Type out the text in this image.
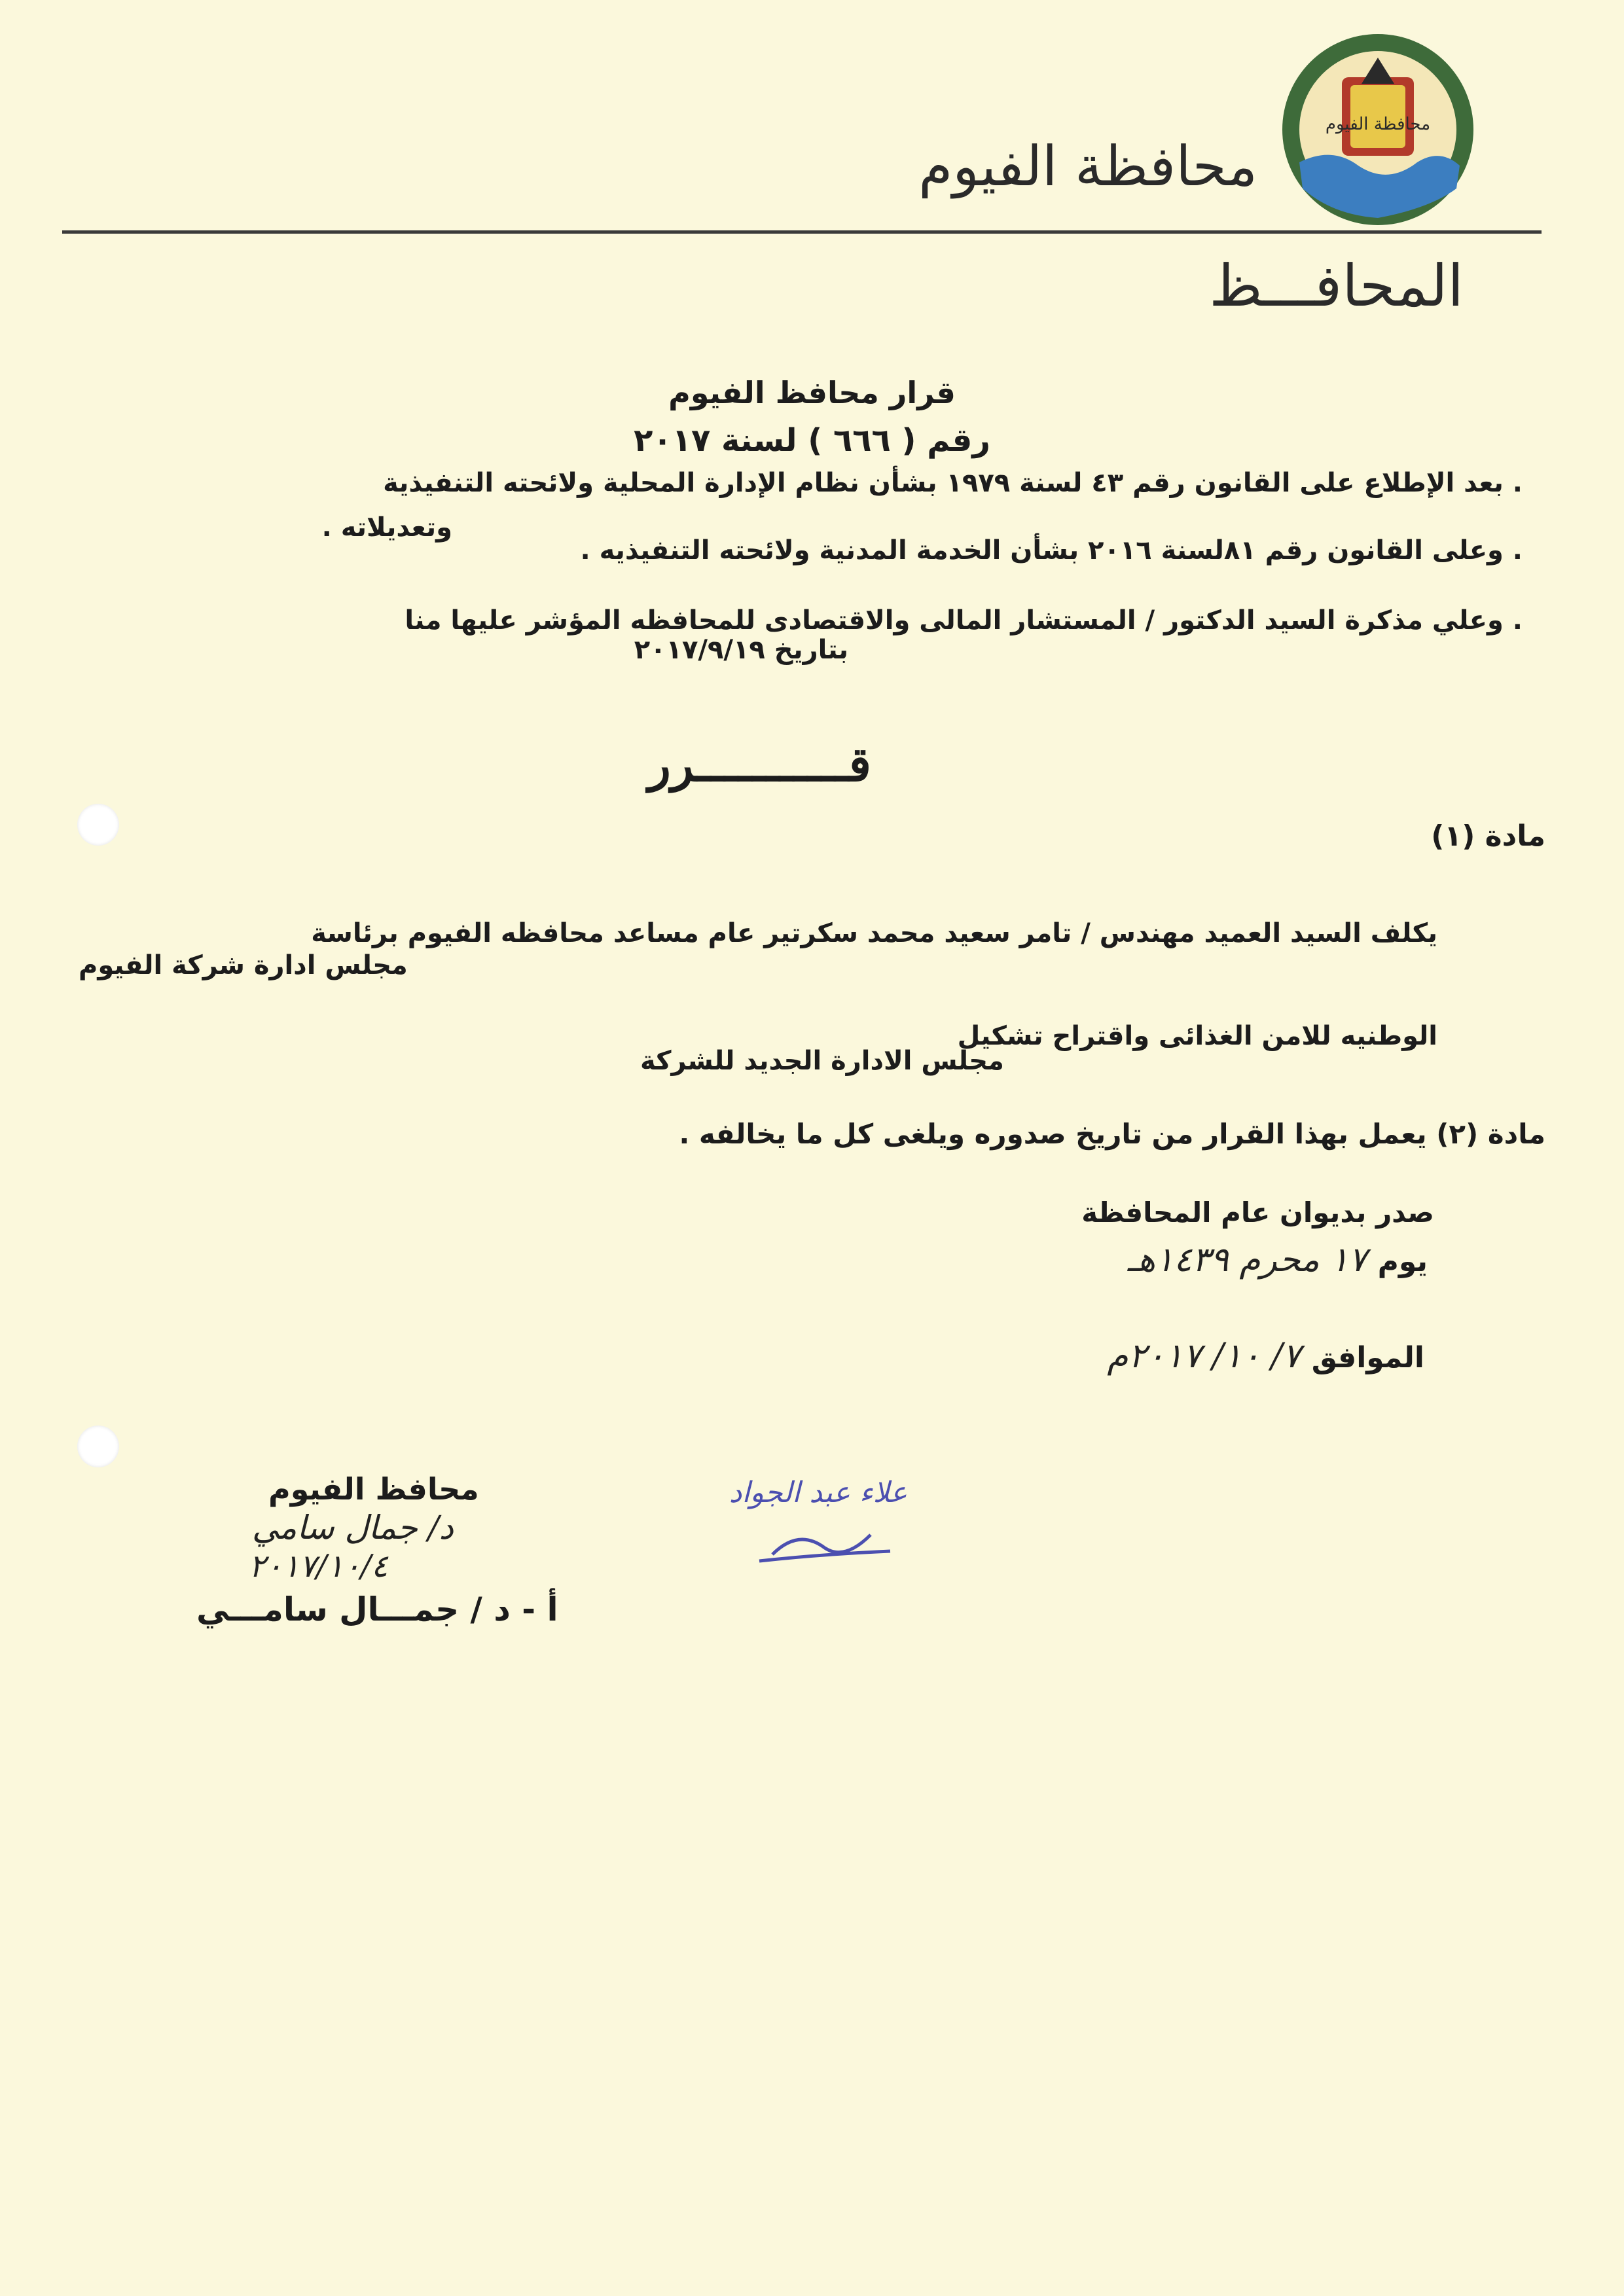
محافظة الفيوم
محافظة الفيوم
المحافـــظ
قرار محافظ الفيوم
رقم ( ٦٦٦ ) لسنة ٢٠١٧
. بعد الإطلاع على القانون رقم ٤٣ لسنة ١٩٧٩ بشأن نظام الإدارة المحلية ولائحته التنفيذية
وتعديلاته .
. وعلى القانون رقم ٨١لسنة ٢٠١٦ بشأن الخدمة المدنية ولائحته التنفيذيه .
. وعلي مذكرة السيد الدكتور / المستشار المالى والاقتصادى للمحافظه المؤشر عليها منا
بتاريخ ٢٠١٧/٩/١٩
قـــــــــــرر
مادة (١)
يكلف السيد العميد مهندس / تامر سعيد محمد سكرتير عام مساعد محافظه الفيوم برئاسة
مجلس ادارة شركة الفيوم
الوطنيه للامن الغذائى واقتراح تشكيل
مجلس الادارة الجديد للشركة
مادة (٢) يعمل بهذا القرار من تاريخ صدوره ويلغى كل ما يخالفه .
صدر بديوان عام المحافظة
يوم ١٧ محرم ١٤٣٩هـ
الموافق ٧/ ١٠/ ٢٠١٧م
محافظ الفيوم
د/ جمال سامي
٢٠١٧/١٠/٤
أ - د / جمـــال سامـــي
علاء عبد الجواد
